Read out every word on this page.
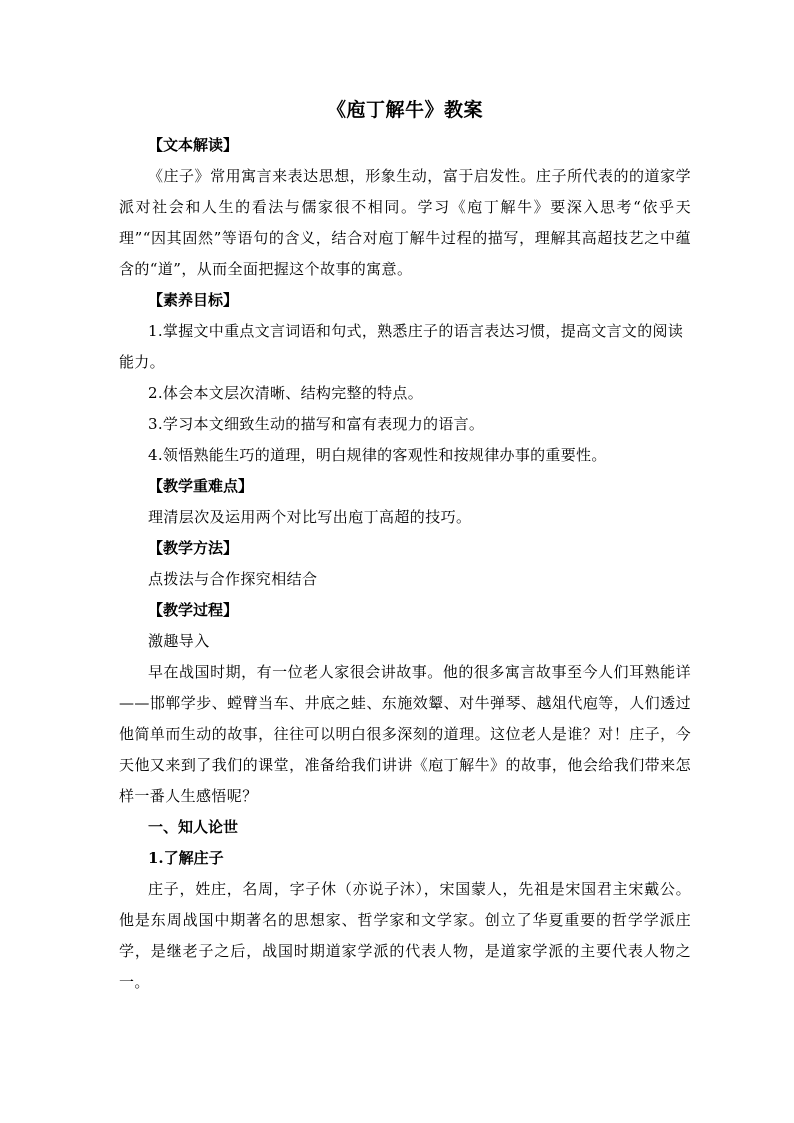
《庖丁解牛》教案

【文本解读】

《庄子》常用寓言来表达思想，形象生动，富于启发性。庄子所代表的的道家学派对社会和人生的看法与儒家很不相同。学习《庖丁解牛》要深入思考“依乎天理”“因其固然”等语句的含义，结合对庖丁解牛过程的描写，理解其高超技艺之中蕴含的“道”，从而全面把握这个故事的寓意。

【素养目标】

1.掌握文中重点文言词语和句式，熟悉庄子的语言表达习惯，提高文言文的阅读能力。

2.体会本文层次清晰、结构完整的特点。

3.学习本文细致生动的描写和富有表现力的语言。

4.领悟熟能生巧的道理，明白规律的客观性和按规律办事的重要性。

【教学重难点】

理清层次及运用两个对比写出庖丁高超的技巧。

【教学方法】

点拨法与合作探究相结合

【教学过程】

激趣导入

早在战国时期，有一位老人家很会讲故事。他的很多寓言故事至今人们耳熟能详——邯郸学步、螳臂当车、井底之蛙、东施效颦、对牛弹琴、越俎代庖等，人们透过他简单而生动的故事，往往可以明白很多深刻的道理。这位老人是谁？对！庄子，今天他又来到了我们的课堂，准备给我们讲讲《庖丁解牛》的故事，他会给我们带来怎样一番人生感悟呢？

一、知人论世

1.了解庄子

庄子，姓庄，名周，字子休（亦说子沐），宋国蒙人，先祖是宋国君主宋戴公。他是东周战国中期著名的思想家、哲学家和文学家。创立了华夏重要的哲学学派庄学，是继老子之后，战国时期道家学派的代表人物，是道家学派的主要代表人物之一。
